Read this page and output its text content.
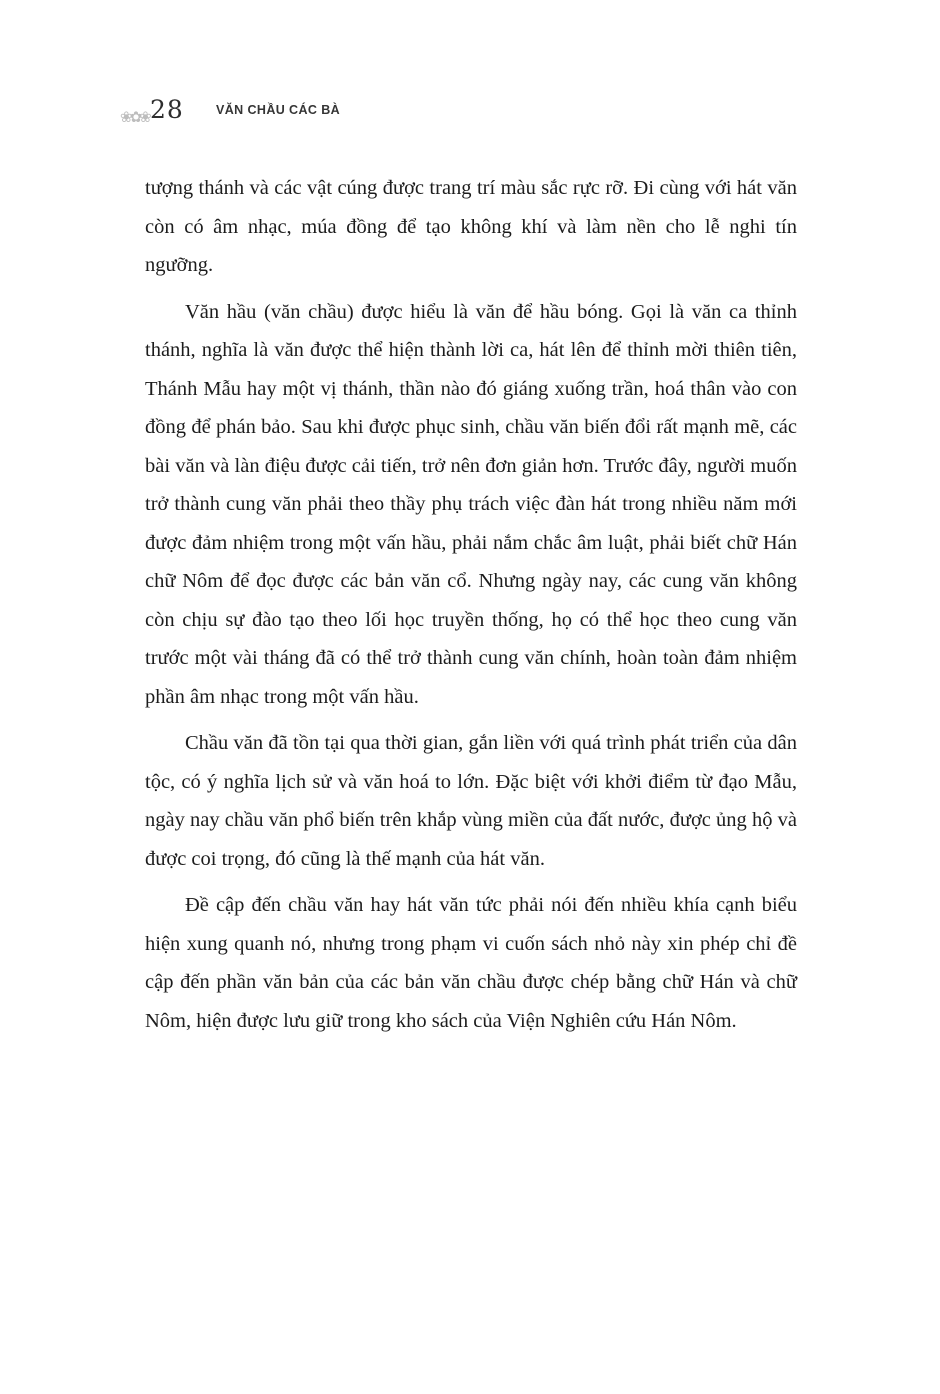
❀✿❀ 28	VĂN CHẦU CÁC BÀ

tượng thánh và các vật cúng được trang trí màu sắc rực rỡ. Đi cùng với hát văn còn có âm nhạc, múa đồng để tạo không khí và làm nền cho lễ nghi tín ngưỡng.

Văn hầu (văn chầu) được hiểu là văn để hầu bóng. Gọi là văn ca thỉnh thánh, nghĩa là văn được thể hiện thành lời ca, hát lên để thỉnh mời thiên tiên, Thánh Mẫu hay một vị thánh, thần nào đó giáng xuống trần, hoá thân vào con đồng để phán bảo. Sau khi được phục sinh, chầu văn biến đổi rất mạnh mẽ, các bài văn và làn điệu được cải tiến, trở nên đơn giản hơn. Trước đây, người muốn trở thành cung văn phải theo thầy phụ trách việc đàn hát trong nhiều năm mới được đảm nhiệm trong một vấn hầu, phải nắm chắc âm luật, phải biết chữ Hán chữ Nôm để đọc được các bản văn cổ. Nhưng ngày nay, các cung văn không còn chịu sự đào tạo theo lối học truyền thống, họ có thể học theo cung văn trước một vài tháng đã có thể trở thành cung văn chính, hoàn toàn đảm nhiệm phần âm nhạc trong một vấn hầu.

Chầu văn đã tồn tại qua thời gian, gắn liền với quá trình phát triển của dân tộc, có ý nghĩa lịch sử và văn hoá to lớn. Đặc biệt với khởi điểm từ đạo Mẫu, ngày nay chầu văn phổ biến trên khắp vùng miền của đất nước, được ủng hộ và được coi trọng, đó cũng là thế mạnh của hát văn.

Đề cập đến chầu văn hay hát văn tức phải nói đến nhiều khía cạnh biểu hiện xung quanh nó, nhưng trong phạm vi cuốn sách nhỏ này xin phép chỉ đề cập đến phần văn bản của các bản văn chầu được chép bằng chữ Hán và chữ Nôm, hiện được lưu giữ trong kho sách của Viện Nghiên cứu Hán Nôm.
